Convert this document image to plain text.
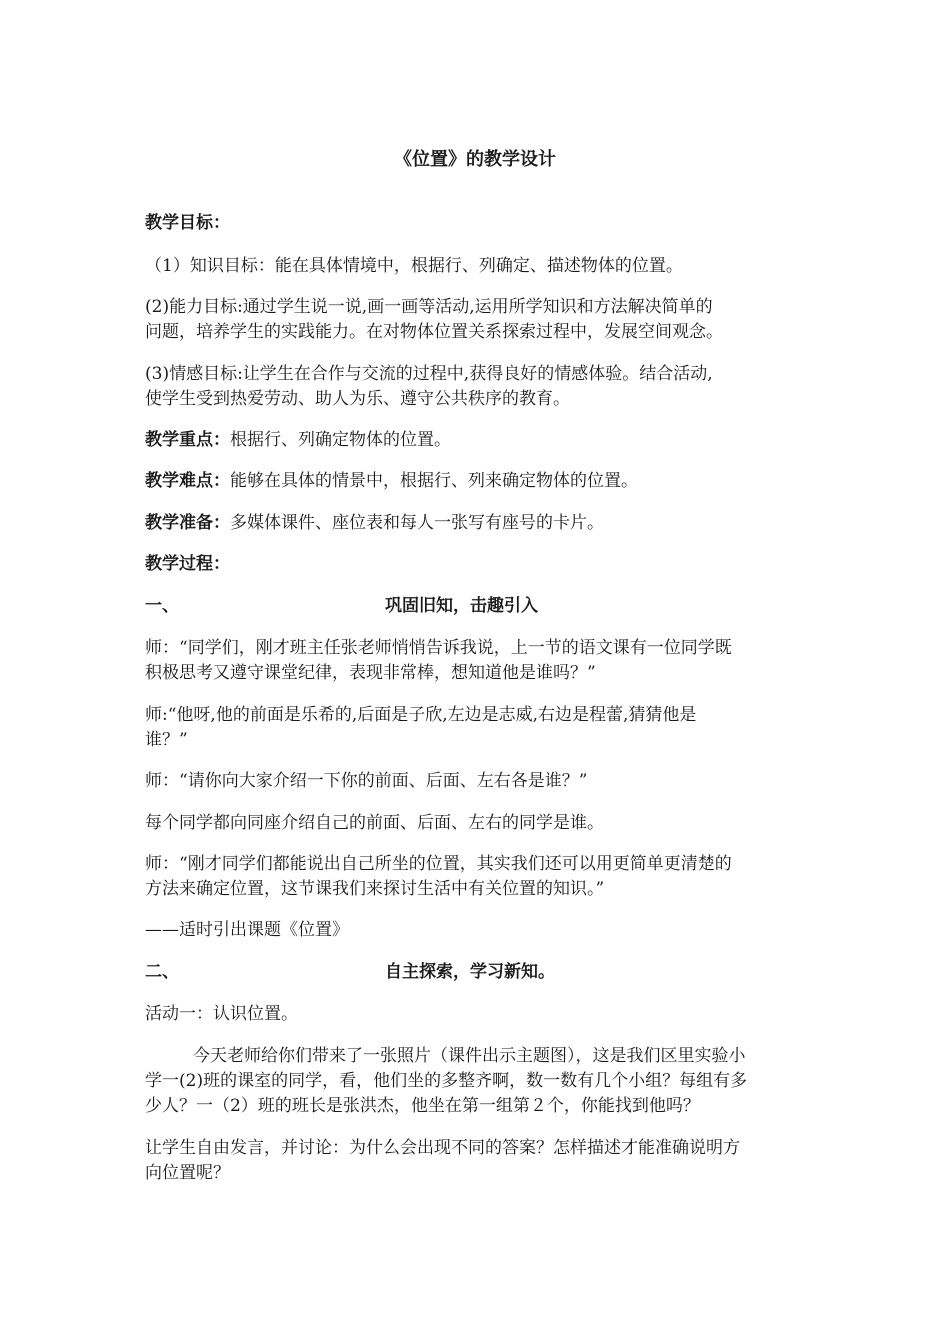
《位置》的教学设计
教学目标：
（1）知识目标：能在具体情境中，根据行、列确定、描述物体的位置。
(2)能力目标:通过学生说一说,画一画等活动,运用所学知识和方法解决简单的
问题，培养学生的实践能力。在对物体位置关系探索过程中，发展空间观念。
(3)情感目标:让学生在合作与交流的过程中,获得良好的情感体验。结合活动,
使学生受到热爱劳动、助人为乐、遵守公共秩序的教育。
教学重点：根据行、列确定物体的位置。
教学难点：能够在具体的情景中，根据行、列来确定物体的位置。
教学准备：多媒体课件、座位表和每人一张写有座号的卡片。
教学过程：
一、	巩固旧知，击趣引入
师：“同学们，刚才班主任张老师悄悄告诉我说，上一节的语文课有一位同学既
积极思考又遵守课堂纪律，表现非常棒，想知道他是谁吗？”
师:“他呀,他的前面是乐希的,后面是子欣,左边是志威,右边是程蕾,猜猜他是
谁？”
师：“请你向大家介绍一下你的前面、后面、左右各是谁？”
每个同学都向同座介绍自己的前面、后面、左右的同学是谁。
师：“刚才同学们都能说出自己所坐的位置，其实我们还可以用更简单更清楚的
方法来确定位置，这节课我们来探讨生活中有关位置的知识。”
——适时引出课题《位置》
二、	自主探索，学习新知。
活动一：认识位置。
今天老师给你们带来了一张照片（课件出示主题图），这是我们区里实验小
学一(2)班的课室的同学，看，他们坐的多整齐啊，数一数有几个小组？每组有多
少人？一（2）班的班长是张洪杰，他坐在第一组第２个，你能找到他吗？
让学生自由发言，并讨论：为什么会出现不同的答案？怎样描述才能准确说明方
向位置呢？
